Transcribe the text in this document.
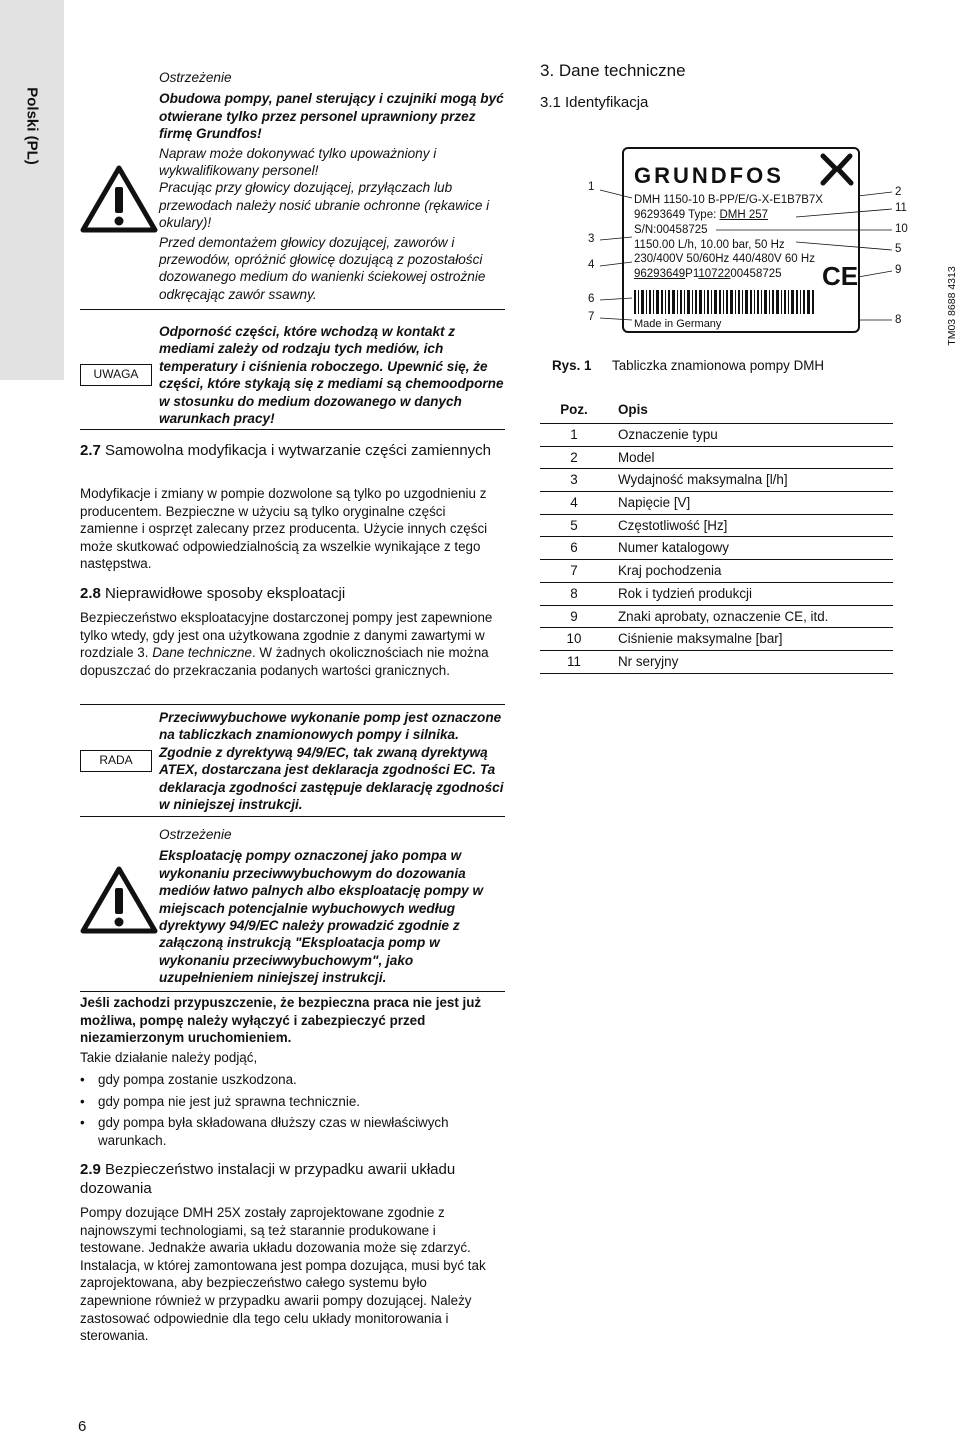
Polski (PL)

Ostrzeżenie

Obudowa pompy, panel sterujący i czujniki mogą być otwierane tylko przez personel uprawniony przez firmę Grundfos!

Napraw może dokonywać tylko upoważniony i wykwalifikowany personel!

Pracując przy głowicy dozującej, przyłączach lub przewodach należy nosić ubranie ochronne (rękawice i okulary)!

Przed demontażem głowicy dozującej, zaworów i przewodów, opróżnić głowicę dozującą z pozostałości dozowanego medium do wanienki ściekowej ostrożnie odkręcając zawór ssawny.

UWAGA

Odporność części, które wchodzą w kontakt z mediami zależy od rodzaju tych mediów, ich temperatury i ciśnienia roboczego. Upewnić się, że części, które stykają się z mediami są chemoodporne w stosunku do medium dozowanego w danych warunkach pracy!

2.7 Samowolna modyfikacja i wytwarzanie części zamiennych
Modyfikacje i zmiany w pompie dozwolone są tylko po uzgodnieniu z producentem. Bezpieczne w użyciu są tylko oryginalne części zamienne i osprzęt zalecany przez producenta. Użycie innych części może skutkować odpowiedzialnością za wszelkie wynikające z tego następstwa.
2.8 Nieprawidłowe sposoby eksploatacji
Bezpieczeństwo eksploatacyjne dostarczonej pompy jest zapewnione tylko wtedy, gdy jest ona użytkowana zgodnie z danymi zawartymi w rozdziale 3. Dane techniczne. W żadnych okolicznościach nie można dopuszczać do przekraczania podanych wartości granicznych.
RADA

Przeciwwybuchowe wykonanie pomp jest oznaczone na tabliczkach znamionowych pompy i silnika. Zgodnie z dyrektywą 94/9/EC, tak zwaną dyrektywą ATEX, dostarczana jest deklaracja zgodności EC. Ta deklaracja zgodności zastępuje deklarację zgodności w niniejszej instrukcji.

Ostrzeżenie

Eksploatację pompy oznaczonej jako pompa w wykonaniu przeciwwybuchowym do dozowania mediów łatwo palnych albo eksploatację pompy w miejscach potencjalnie wybuchowych według dyrektywy 94/9/EC należy prowadzić zgodnie z załączoną instrukcją "Eksploatacja pomp w wykonaniu przeciwwybuchowym", jako uzupełnieniem niniejszej instrukcji.

Jeśli zachodzi przypuszczenie, że bezpieczna praca nie jest już możliwa, pompę należy wyłączyć i zabezpieczyć przed niezamierzonym uruchomieniem.
Takie działanie należy podjąć,
• gdy pompa zostanie uszkodzona.
• gdy pompa nie jest już sprawna technicznie.
• gdy pompa była składowana dłuższy czas w niewłaściwych warunkach.
2.9 Bezpieczeństwo instalacji w przypadku awarii układu dozowania
Pompy dozujące DMH 25X zostały zaprojektowane zgodnie z najnowszymi technologiami, są też starannie produkowane i testowane. Jednakże awaria układu dozowania może się zdarzyć. Instalacja, w której zamontowana jest pompa dozująca, musi być tak zaprojektowana, aby bezpieczeństwo całego systemu było zapewnione również w przypadku awarii pompy dozującej. Należy zastosować odpowiednie dla tego celu układy monitorowania i sterowania.
6
3. Dane techniczne
3.1 Identyfikacja
1
3
4
6
7
2
11
10
5
9
8
GRUNDFOS
DMH 1150-10 B-PP/E/G-X-E1B7B7X
96293649 Type: DMH 257
S/N:00458725
1150.00 L/h, 10.00 bar, 50 Hz
230/400V 50/60Hz 440/480V 60 Hz
96293649P11072200458725 CE
Made in Germany	TM03 8688 4313
Rys. 1 Tabliczka znamionowa pompy DMH
Poz.	Opis
1	Oznaczenie typu
2	Model
3	Wydajność maksymalna [l/h]
4	Napięcie [V]
5	Częstotliwość [Hz]
6	Numer katalogowy
7	Kraj pochodzenia
8	Rok i tydzień produkcji
9	Znaki aprobaty, oznaczenie CE, itd.
10	Ciśnienie maksymalne [bar]
11	Nr seryjny
